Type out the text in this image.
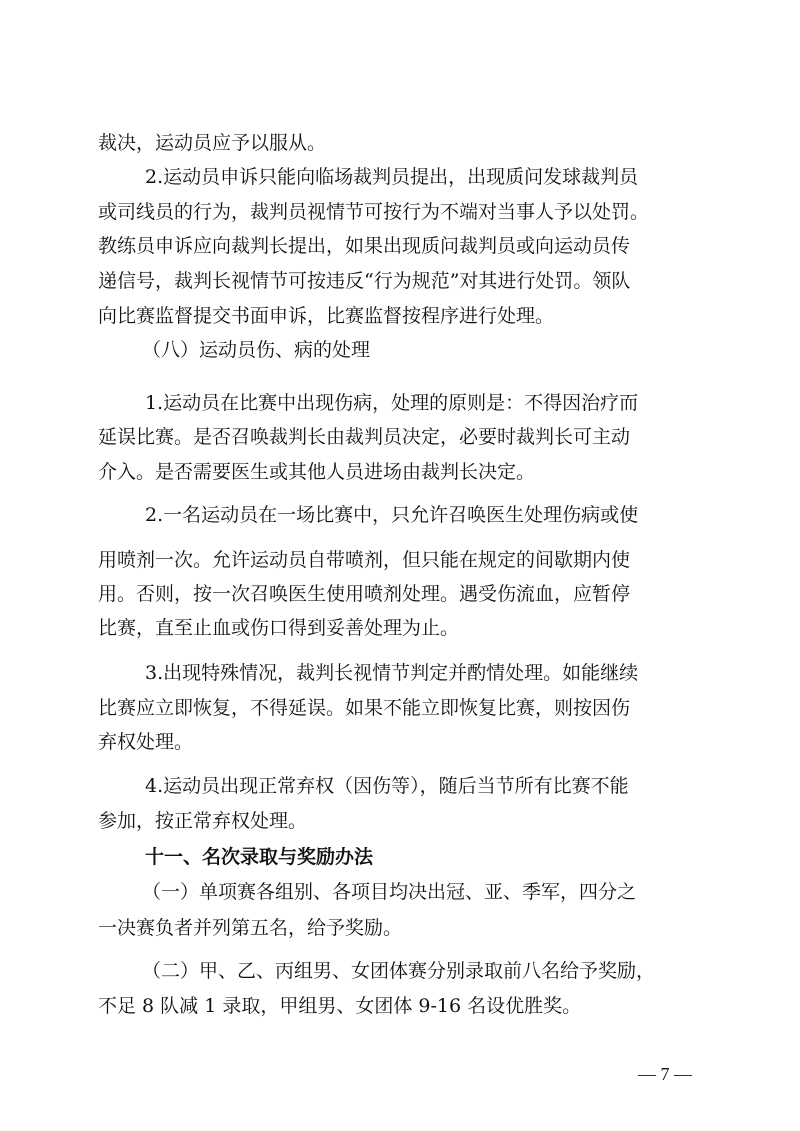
裁决，运动员应予以服从。
2.运动员申诉只能向临场裁判员提出，出现质问发球裁判员
或司线员的行为，裁判员视情节可按行为不端对当事人予以处罚。
教练员申诉应向裁判长提出，如果出现质问裁判员或向运动员传
递信号，裁判长视情节可按违反“行为规范”对其进行处罚。领队
向比赛监督提交书面申诉，比赛监督按程序进行处理。
（八）运动员伤、病的处理
1.运动员在比赛中出现伤病，处理的原则是：不得因治疗而
延误比赛。是否召唤裁判长由裁判员决定，必要时裁判长可主动
介入。是否需要医生或其他人员进场由裁判长决定。
2.一名运动员在一场比赛中，只允许召唤医生处理伤病或使
用喷剂一次。允许运动员自带喷剂，但只能在规定的间歇期内使
用。否则，按一次召唤医生使用喷剂处理。遇受伤流血，应暂停
比赛，直至止血或伤口得到妥善处理为止。
3.出现特殊情况，裁判长视情节判定并酌情处理。如能继续
比赛应立即恢复，不得延误。如果不能立即恢复比赛，则按因伤
弃权处理。
4.运动员出现正常弃权（因伤等），随后当节所有比赛不能
参加，按正常弃权处理。
十一、名次录取与奖励办法
（一）单项赛各组别、各项目均决出冠、亚、季军，四分之
一决赛负者并列第五名，给予奖励。
（二）甲、乙、丙组男、女团体赛分别录取前八名给予奖励，
不足 8 队减 1 录取，甲组男、女团体 9-16 名设优胜奖。
— 7 —
